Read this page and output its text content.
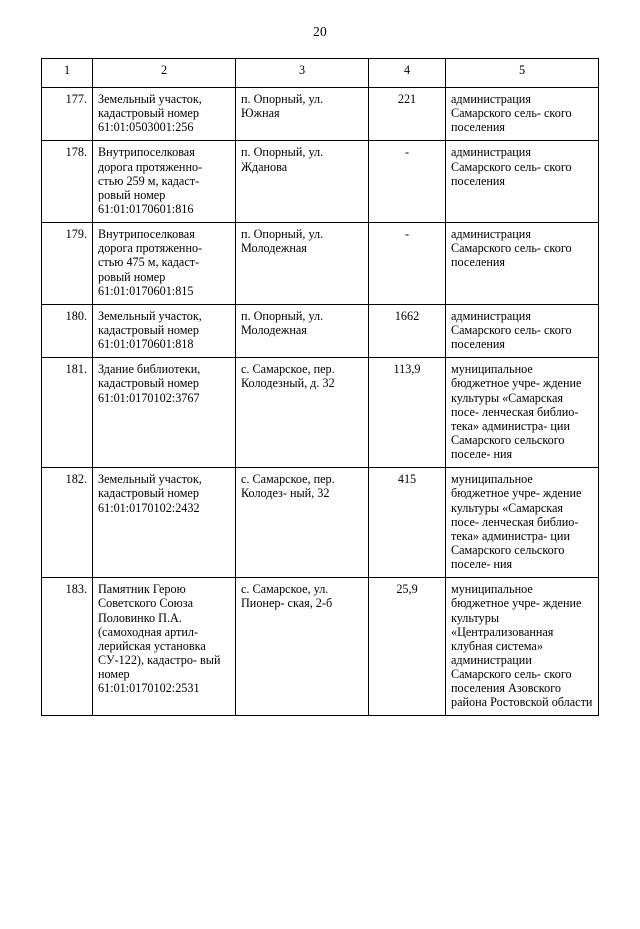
20
1	2	3	4	5
177.	Земельный участок, кадастровый номер 61:01:0503001:256	п. Опорный, ул. Южная	221	администрация Самарского сель- ского поселения
178.	Внутрипоселковая дорога протяженно- стью 259 м, кадаст- ровый номер 61:01:0170601:816	п. Опорный, ул. Жданова	-	администрация Самарского сель- ского поселения
179.	Внутрипоселковая дорога протяженно- стью 475 м, кадаст- ровый номер 61:01:0170601:815	п. Опорный, ул. Молодежная	-	администрация Самарского сель- ского поселения
180.	Земельный участок, кадастровый номер 61:01:0170601:818	п. Опорный, ул. Молодежная	1662	администрация Самарского сель- ского поселения
181.	Здание библиотеки, кадастровый номер 61:01:0170102:3767	с. Самарское, пер. Колодезный, д. 32	113,9	муниципальное бюджетное учре- ждение культуры «Самарская посе- ленческая библио- тека» администра- ции Самарского сельского поселе- ния
182.	Земельный участок, кадастровый номер 61:01:0170102:2432	с. Самарское, пер. Колодез- ный, 32	415	муниципальное бюджетное учре- ждение культуры «Самарская посе- ленческая библио- тека» администра- ции Самарского сельского поселе- ния
183.	Памятник Герою Советского Союза Половинко П.А. (самоходная артил- лерийская установка СУ-122), кадастро- вый номер 61:01:0170102:2531	с. Самарское, ул. Пионер- ская, 2-б	25,9	муниципальное бюджетное учре- ждение культуры «Централизованная клубная система» администрации Самарского сель- ского поселения Азовского района Ростовской области
